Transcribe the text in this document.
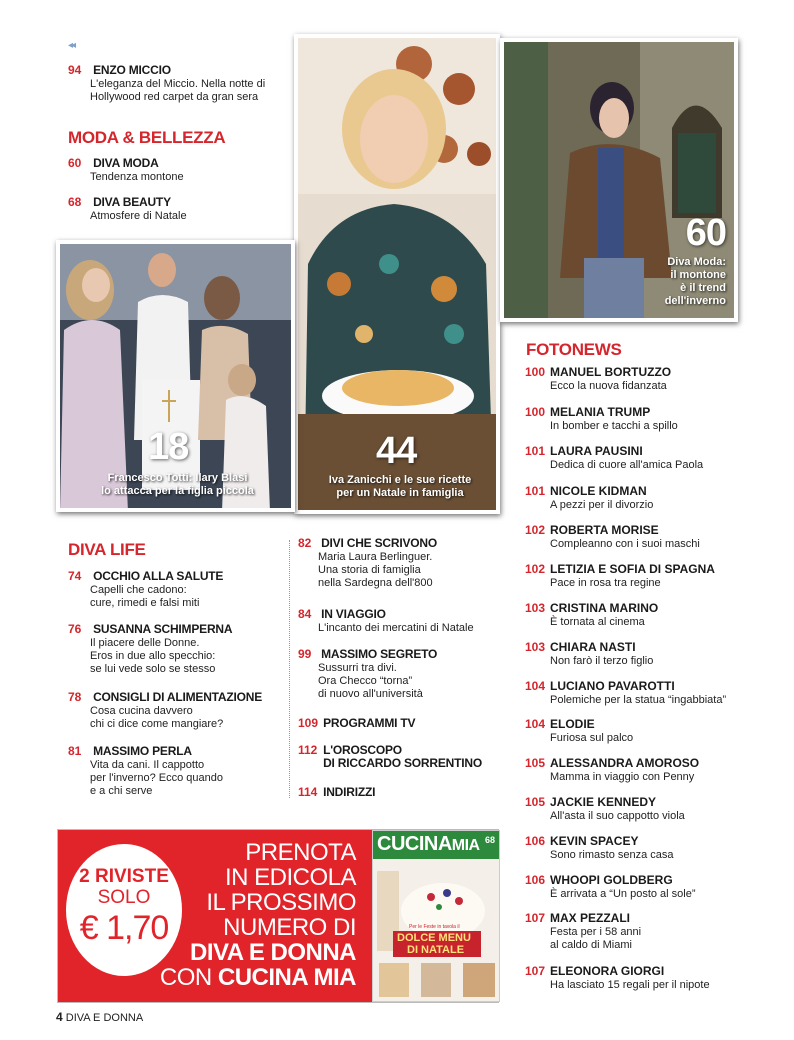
◂◂
94 ENZO MICCIO
L'eleganza del Miccio. Nella notte di
Hollywood red carpet da gran sera
MODA & BELLEZZA
60 DIVA MODA
Tendenza montone
68 DIVA BEAUTY
Atmosfere di Natale
44
Iva Zanicchi e le sue ricette
per un Natale in famiglia
60
Diva Moda:
il montone
è il trend
dell'inverno
18
Francesco Totti: Ilary Blasi
lo attacca per la figlia piccola
FOTONEWS
100 MANUEL BORTUZZO
Ecco la nuova fidanzata
100 MELANIA TRUMP
In bomber e tacchi a spillo
101 LAURA PAUSINI
Dedica di cuore all'amica Paola
101 NICOLE KIDMAN
A pezzi per il divorzio
102 ROBERTA MORISE
Compleanno con i suoi maschi
102 LETIZIA E SOFIA DI SPAGNA
Pace in rosa tra regine
103 CRISTINA MARINO
È tornata al cinema
103 CHIARA NASTI
Non farò il terzo figlio
104 LUCIANO PAVAROTTI
Polemiche per la statua “ingabbiata”
104 ELODIE
Furiosa sul palco
105 ALESSANDRA AMOROSO
Mamma in viaggio con Penny
105 JACKIE KENNEDY
All'asta il suo cappotto viola
106 KEVIN SPACEY
Sono rimasto senza casa
106 WHOOPI GOLDBERG
È arrivata a “Un posto al sole”
107 MAX PEZZALI
Festa per i 58 anni
al caldo di Miami
107 ELEONORA GIORGI
Ha lasciato 15 regali per il nipote
DIVA LIFE
74 OCCHIO ALLA SALUTE
Capelli che cadono:
cure, rimedi e falsi miti
76 SUSANNA SCHIMPERNA
Il piacere delle Donne.
Eros in due allo specchio:
se lui vede solo se stesso
78 CONSIGLI DI ALIMENTAZIONE
Cosa cucina davvero
chi ci dice come mangiare?
81 MASSIMO PERLA
Vita da cani. Il cappotto
per l'inverno? Ecco quando
e a chi serve
82 DIVI CHE SCRIVONO
Maria Laura Berlinguer.
Una storia di famiglia
nella Sardegna dell'800
84 IN VIAGGIO
L'incanto dei mercatini di Natale
99 MASSIMO SEGRETO
Sussurri tra divi.
Ora Checco “torna”
di nuovo all'università
109 PROGRAMMI TV
112 L'OROSCOPO
DI RICCARDO SORRENTINO
114 INDIRIZZI
2 RIVISTE
SOLO
€ 1,70
PRENOTA
IN EDICOLA
IL PROSSIMO
NUMERO DI
DIVA E DONNA
CON CUCINA MIA
CUCINAMIA 68
Per le Feste in tavola il
DOLCE MENU
DI NATALE
4 DIVA E DONNA
